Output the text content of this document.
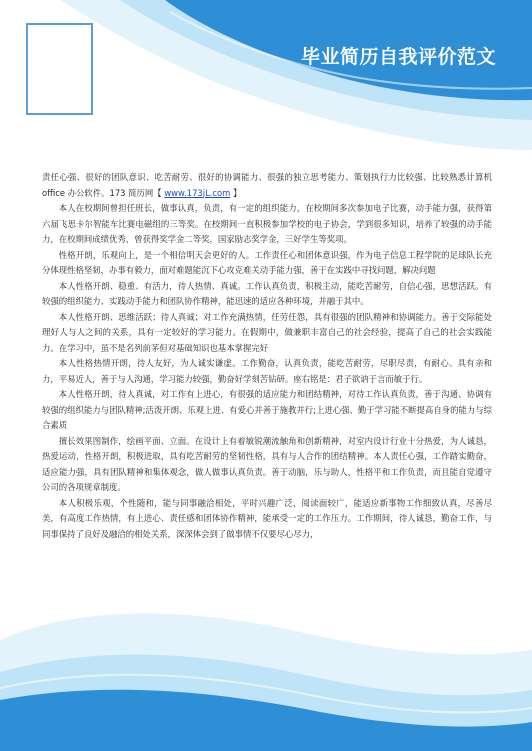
毕业简历自我评价范文

责任心强、很好的团队意识、吃苦耐劳、很好的协调能力、很强的独立思考能力、策划执行力比较强、比较熟悉计算机 office 办公软件。173 简历网【 www.173jL.com 】

本人在校期间曾担任班长，做事认真，负责，有一定的组织能力，在校期间多次参加电子比赛，动手能力强，获得第六届飞思卡尔智能车比赛电磁组的三等奖。在校期间一直积极参加学校的电子协会，学到很多知识，培养了较强的动手能力，在校期间成绩优秀，曾获得奖学金二等奖，国家励志奖学金，三好学生等奖项。

性格开朗，乐观向上，是一个相信明天会更好的人。工作责任心和团体意识强，作为电子信息工程学院的足球队长充分体现性格坚韧，办事有毅力，面对难题能沉下心攻克难关动手能力强，善于在实践中寻找问题，解决问题

本人性格开朗、稳重、有活力，待人热情、真诚。工作认真负责，积极主动，能吃苦耐劳，自信心强，思想活跃。有较强的组织能力、实践动手能力和团队协作精神，能迅速的适应各种环境，并融于其中。

本人性格开朗、思维活跃；待人真诚；对工作充满热情，任劳任怨，具有很强的团队精神和协调能力。善于交际能处理好人与人之间的关系，具有一定较好的学习能力。在假期中，做兼职丰富自己的社会经验，提高了自己的社会实践能力。在学习中，虽不是名列前茅但对基础知识也基本掌握完好

本人性格热情开朗，待人友好，为人诚实谦虚。工作勤奋，认真负责，能吃苦耐劳，尽职尽责，有耐心。具有亲和力，平易近人，善于与人沟通，学习能力较强，勤奋好学刻苦钻研。座右铭是：君子欲讷于言而敏于行。

本人性格开朗，待人真诚，对工作有上进心，有很强的适应能力和团结精神，对待工作认真负责，善于沟通、协调有较强的组织能力与团队精神;活泼开朗、乐观上进、有爱心并善于施教并行;上进心强、勤于学习能不断提高自身的能力与综合素质

擅长效果图制作，绘画平面、立面。在设计上有着敏锐潮流触角和创新精神，对室内设计行业十分热爱，为人诚恳，热爱运动，性格开朗，积极进取，具有吃苦耐劳的坚韧性格，具有与人合作的团结精神。本人责任心强，工作踏实勤奋，适应能力强，具有团队精神和集体观念，做人做事认真负责。善于动脑，乐与助人，性格平和工作负责，而且能自觉遵守公司的各项规章制度。

本人积极乐观，个性随和，能与同事融洽相处，平时兴趣广泛，阅读面较广，能适应新事物工作细致认真，尽善尽美，有高度工作热情，有上进心、责任感和团体协作精神，能承受一定的工作压力。工作期间，待人诚恳，勤奋工作，与同事保持了良好及融洽的相处关系，深深体会到了做事情不仅要尽心尽力，
